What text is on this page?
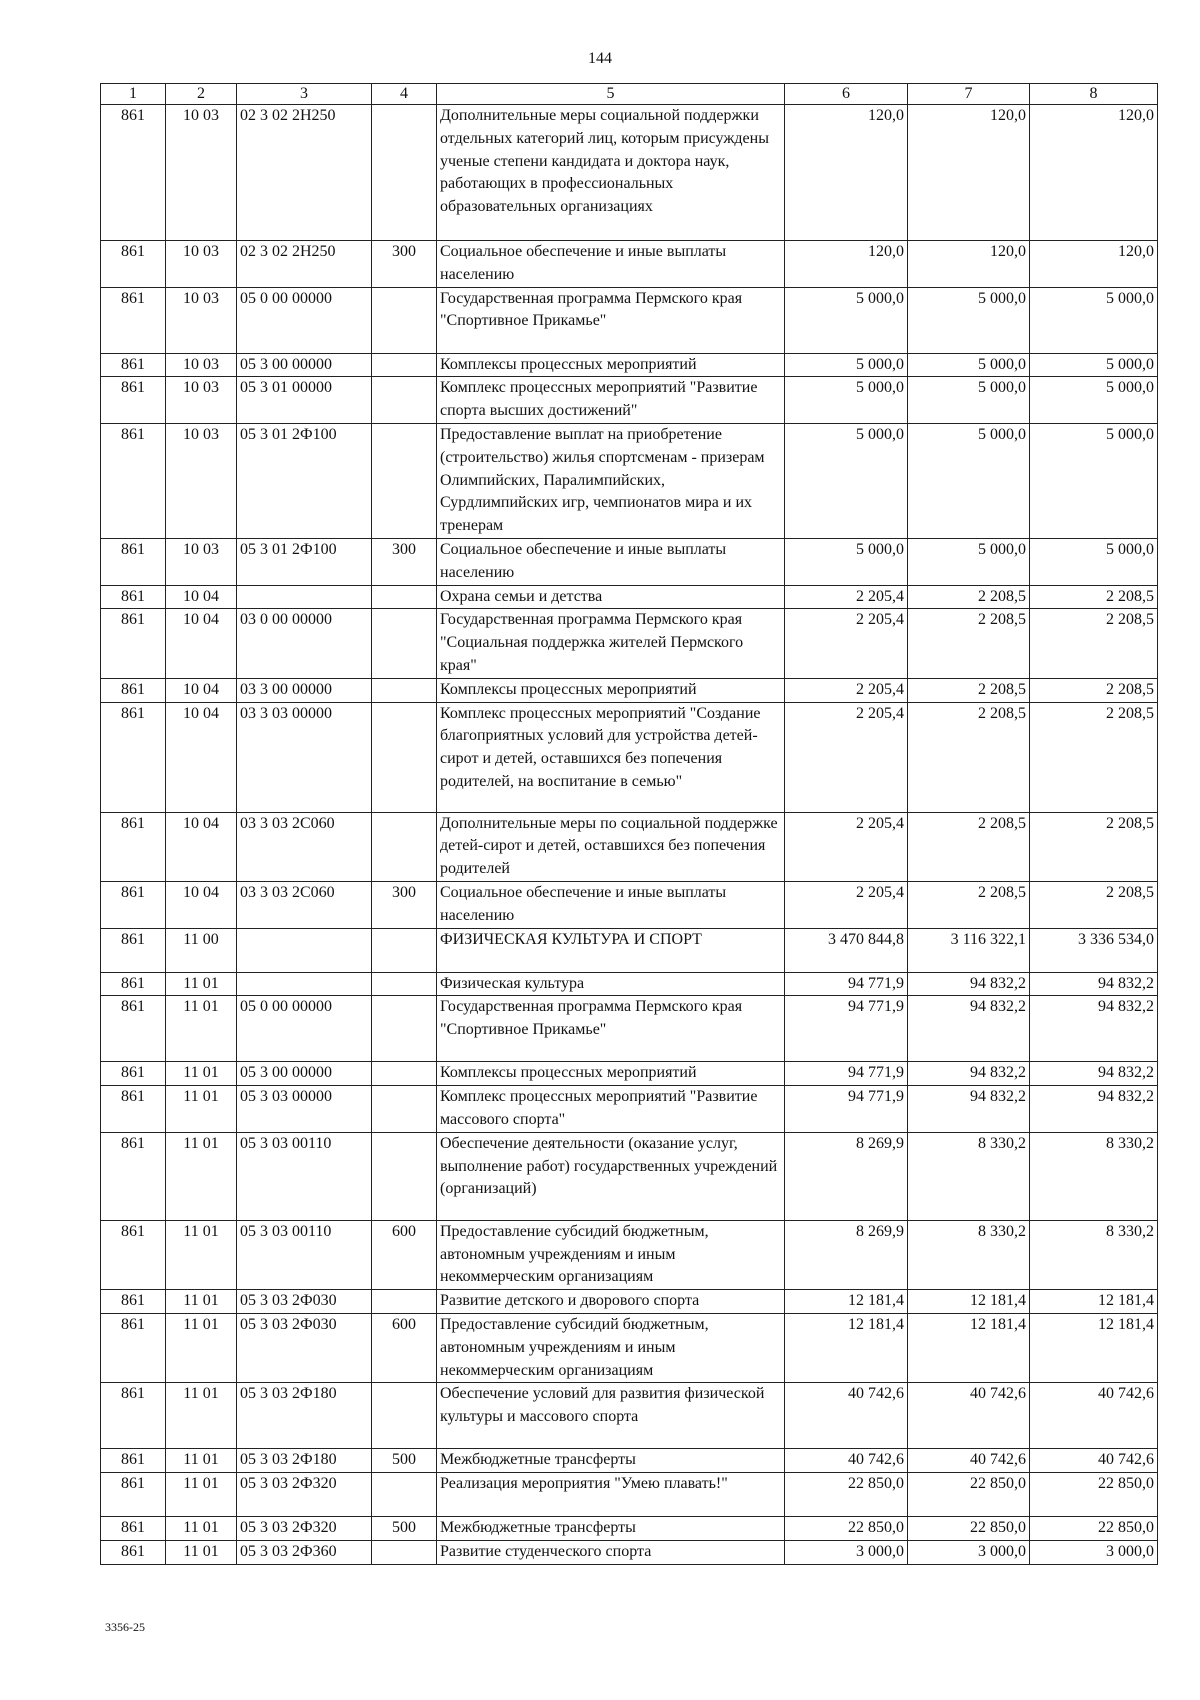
144
1	2	3	4	5	6	7	8
861	10 03	02 3 02 2Н250		Дополнительные меры социальной поддержки отдельных категорий лиц, которым присуждены ученые степени кандидата и доктора наук, работающих в профессиональных образовательных организациях	120,0	120,0	120,0
861	10 03	02 3 02 2Н250	300	Социальное обеспечение и иные выплаты населению	120,0	120,0	120,0
861	10 03	05 0 00 00000		Государственная программа Пермского края "Спортивное Прикамье"	5 000,0	5 000,0	5 000,0
861	10 03	05 3 00 00000		Комплексы процессных мероприятий	5 000,0	5 000,0	5 000,0
861	10 03	05 3 01 00000		Комплекс процессных мероприятий "Развитие спорта высших достижений"	5 000,0	5 000,0	5 000,0
861	10 03	05 3 01 2Ф100		Предоставление выплат на приобретение (строительство) жилья спортсменам - призерам Олимпийских, Паралимпийских, Сурдлимпийских игр, чемпионатов мира и их тренерам	5 000,0	5 000,0	5 000,0
861	10 03	05 3 01 2Ф100	300	Социальное обеспечение и иные выплаты населению	5 000,0	5 000,0	5 000,0
861	10 04			Охрана семьи и детства	2 205,4	2 208,5	2 208,5
861	10 04	03 0 00 00000		Государственная программа Пермского края "Социальная поддержка жителей Пермского края"	2 205,4	2 208,5	2 208,5
861	10 04	03 3 00 00000		Комплексы процессных мероприятий	2 205,4	2 208,5	2 208,5
861	10 04	03 3 03 00000		Комплекс процессных мероприятий "Создание благоприятных условий для устройства детей-сирот и детей, оставшихся без попечения родителей, на воспитание в семью"	2 205,4	2 208,5	2 208,5
861	10 04	03 3 03 2С060		Дополнительные меры по социальной поддержке детей-сирот и детей, оставшихся без попечения родителей	2 205,4	2 208,5	2 208,5
861	10 04	03 3 03 2С060	300	Социальное обеспечение и иные выплаты населению	2 205,4	2 208,5	2 208,5
861	11 00			ФИЗИЧЕСКАЯ КУЛЬТУРА И СПОРТ	3 470 844,8	3 116 322,1	3 336 534,0
861	11 01			Физическая культура	94 771,9	94 832,2	94 832,2
861	11 01	05 0 00 00000		Государственная программа Пермского края "Спортивное Прикамье"	94 771,9	94 832,2	94 832,2
861	11 01	05 3 00 00000		Комплексы процессных мероприятий	94 771,9	94 832,2	94 832,2
861	11 01	05 3 03 00000		Комплекс процессных мероприятий "Развитие массового спорта"	94 771,9	94 832,2	94 832,2
861	11 01	05 3 03 00110		Обеспечение деятельности (оказание услуг, выполнение работ) государственных учреждений (организаций)	8 269,9	8 330,2	8 330,2
861	11 01	05 3 03 00110	600	Предоставление субсидий бюджетным, автономным учреждениям и иным некоммерческим организациям	8 269,9	8 330,2	8 330,2
861	11 01	05 3 03 2Ф030		Развитие детского и дворового спорта	12 181,4	12 181,4	12 181,4
861	11 01	05 3 03 2Ф030	600	Предоставление субсидий бюджетным, автономным учреждениям и иным некоммерческим организациям	12 181,4	12 181,4	12 181,4
861	11 01	05 3 03 2Ф180		Обеспечение условий для развития физической культуры и массового спорта	40 742,6	40 742,6	40 742,6
861	11 01	05 3 03 2Ф180	500	Межбюджетные трансферты	40 742,6	40 742,6	40 742,6
861	11 01	05 3 03 2Ф320		Реализация мероприятия "Умею плавать!"	22 850,0	22 850,0	22 850,0
861	11 01	05 3 03 2Ф320	500	Межбюджетные трансферты	22 850,0	22 850,0	22 850,0
861	11 01	05 3 03 2Ф360		Развитие студенческого спорта	3 000,0	3 000,0	3 000,0
3356-25
